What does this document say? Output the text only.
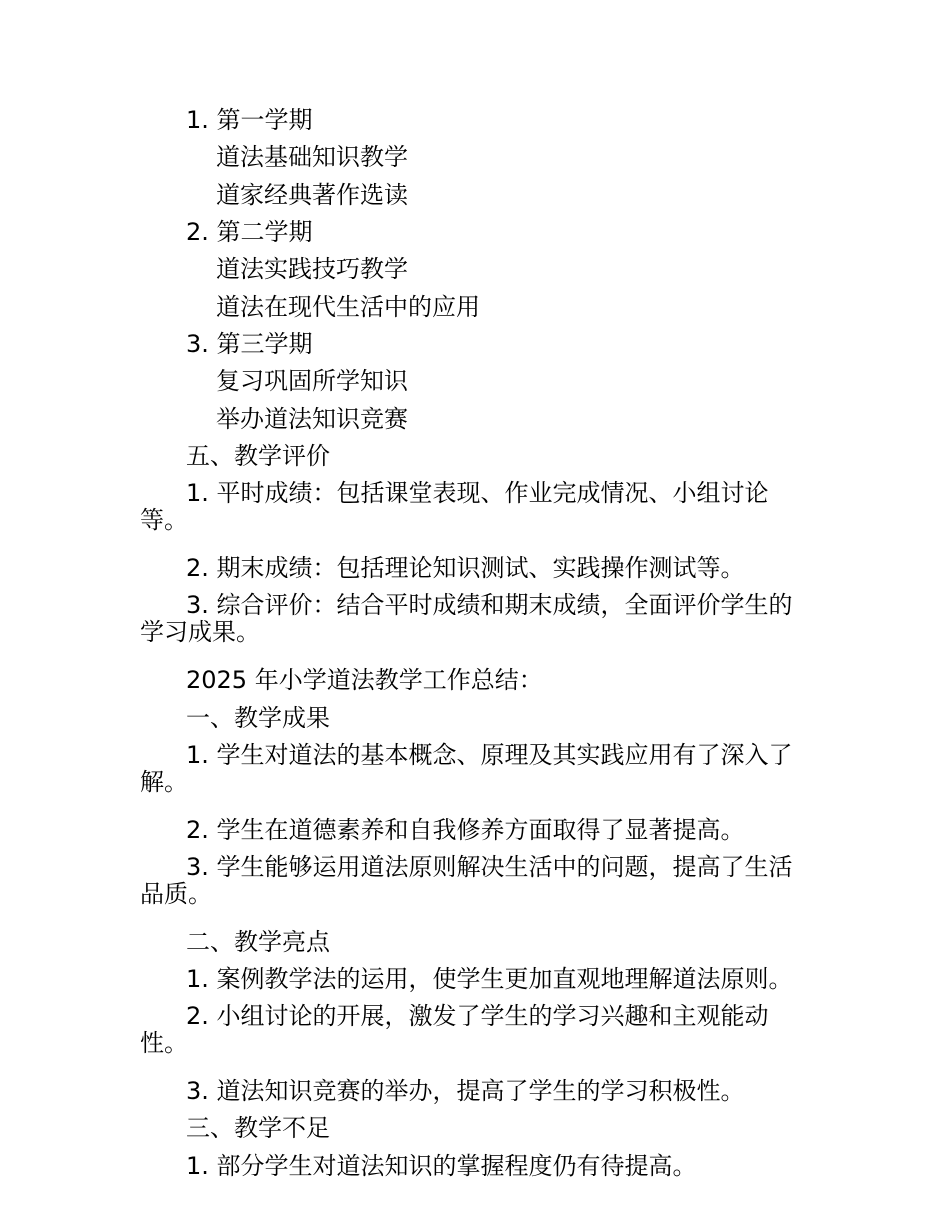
1. 第一学期
道法基础知识教学
道家经典著作选读
2. 第二学期
道法实践技巧教学
道法在现代生活中的应用
3. 第三学期
复习巩固所学知识
举办道法知识竞赛
五、教学评价
1. 平时成绩：包括课堂表现、作业完成情况、小组讨论
等。
2. 期末成绩：包括理论知识测试、实践操作测试等。
3. 综合评价：结合平时成绩和期末成绩，全面评价学生的
学习成果。
2025 年小学道法教学工作总结：
一、教学成果
1. 学生对道法的基本概念、原理及其实践应用有了深入了
解。
2. 学生在道德素养和自我修养方面取得了显著提高。
3. 学生能够运用道法原则解决生活中的问题，提高了生活
品质。
二、教学亮点
1. 案例教学法的运用，使学生更加直观地理解道法原则。
2. 小组讨论的开展，激发了学生的学习兴趣和主观能动
性。
3. 道法知识竞赛的举办，提高了学生的学习积极性。
三、教学不足
1. 部分学生对道法知识的掌握程度仍有待提高。
